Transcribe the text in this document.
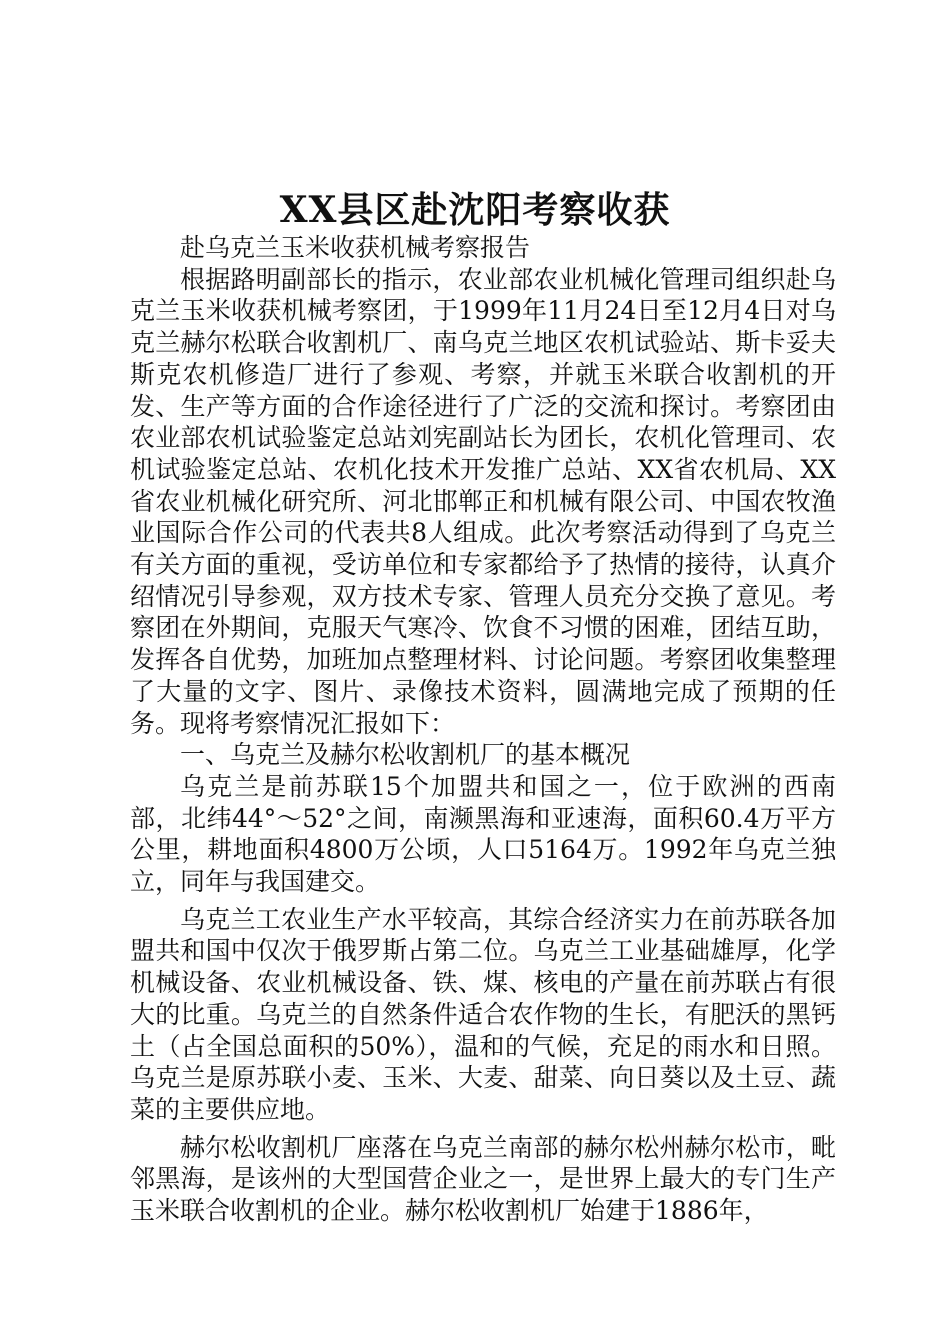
XX县区赴沈阳考察收获

赴乌克兰玉米收获机械考察报告

根据路明副部长的指示，农业部农业机械化管理司组织赴乌克兰玉米收获机械考察团，于1999年11月24日至12月4日对乌克兰赫尔松联合收割机厂、南乌克兰地区农机试验站、斯卡妥夫斯克农机修造厂进行了参观、考察，并就玉米联合收割机的开发、生产等方面的合作途径进行了广泛的交流和探讨。考察团由农业部农机试验鉴定总站刘宪副站长为团长，农机化管理司、农机试验鉴定总站、农机化技术开发推广总站、XX省农机局、XX省农业机械化研究所、河北邯郸正和机械有限公司、中国农牧渔业国际合作公司的代表共8人组成。此次考察活动得到了乌克兰有关方面的重视，受访单位和专家都给予了热情的接待，认真介绍情况引导参观，双方技术专家、管理人员充分交换了意见。考察团在外期间，克服天气寒冷、饮食不习惯的困难，团结互助，发挥各自优势，加班加点整理材料、讨论问题。考察团收集整理了大量的文字、图片、录像技术资料，圆满地完成了预期的任务。现将考察情况汇报如下：

一、乌克兰及赫尔松收割机厂的基本概况

乌克兰是前苏联15个加盟共和国之一，位于欧洲的西南部，北纬44°～52°之间，南濒黑海和亚速海，面积60.4万平方公里，耕地面积4800万公顷，人口5164万。1992年乌克兰独立，同年与我国建交。

乌克兰工农业生产水平较高，其综合经济实力在前苏联各加盟共和国中仅次于俄罗斯占第二位。乌克兰工业基础雄厚，化学机械设备、农业机械设备、铁、煤、核电的产量在前苏联占有很大的比重。乌克兰的自然条件适合农作物的生长，有肥沃的黑钙土（占全国总面积的50%），温和的气候，充足的雨水和日照。乌克兰是原苏联小麦、玉米、大麦、甜菜、向日葵以及土豆、蔬菜的主要供应地。

赫尔松收割机厂座落在乌克兰南部的赫尔松州赫尔松市，毗邻黑海，是该州的大型国营企业之一，是世界上最大的专门生产玉米联合收割机的企业。赫尔松收割机厂始建于1886年，
